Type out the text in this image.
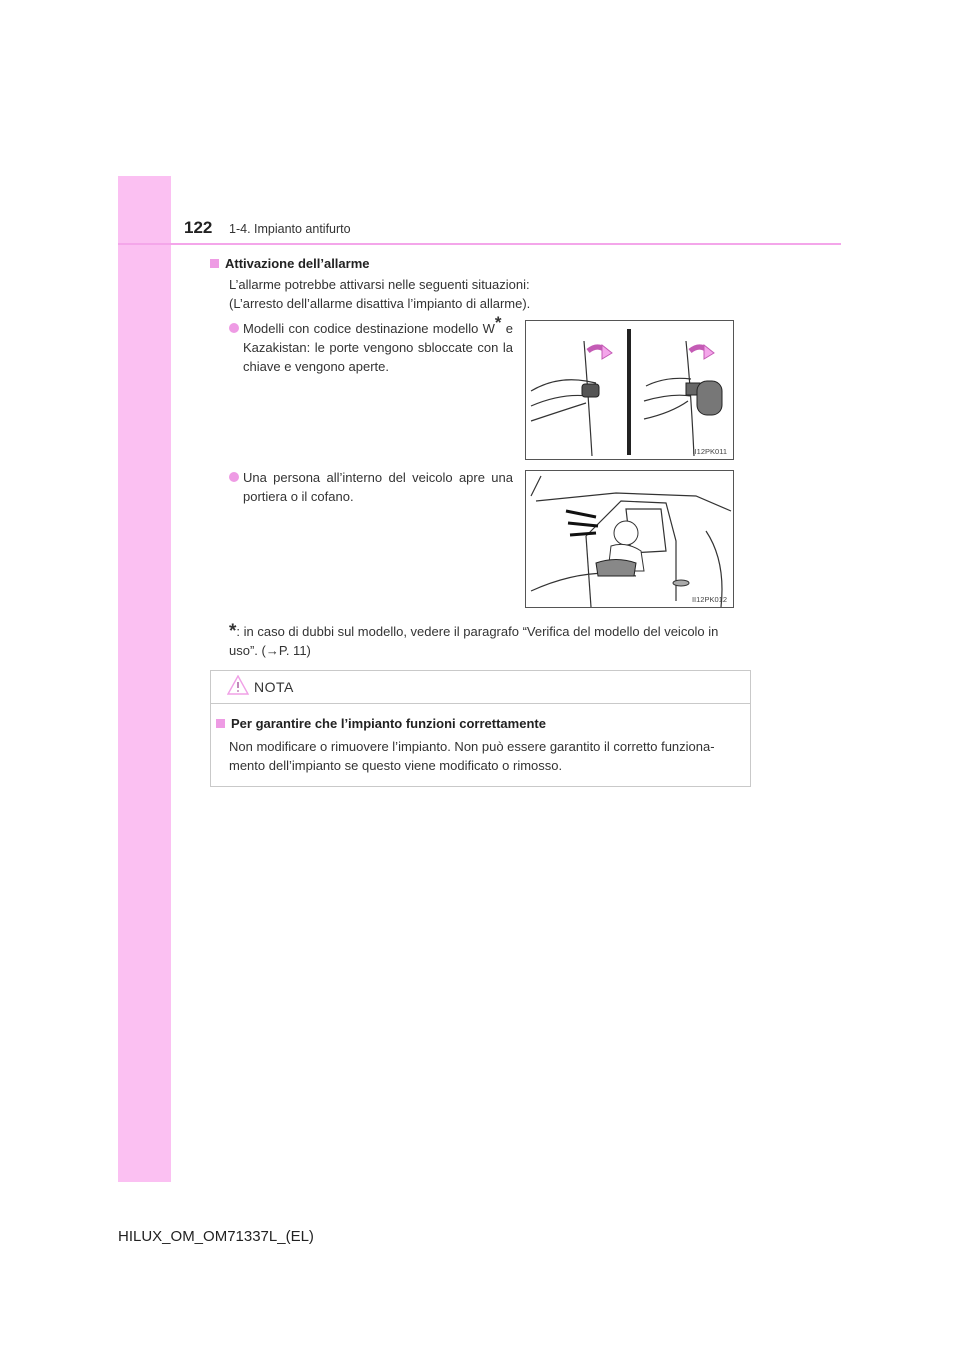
122 1-4. Impianto antifurto
Attivazione dell’allarme
L’allarme potrebbe attivarsi nelle seguenti situazioni:
(L’arresto dell’allarme disattiva l’impianto di allarme).
Modelli con codice destinazione modello W* e Kazakistan: le porte vengono sbloccate con la chiave e vengono aperte.
II12PK011
Una persona all’interno del veicolo apre una portiera o il cofano.
II12PK012
*: in caso di dubbi sul modello, vedere il paragrafo “Verifica del modello del veicolo in uso”. (→P. 11)
NOTA
Per garantire che l’impianto funzioni correttamente
Non modificare o rimuovere l’impianto. Non può essere garantito il corretto funziona-mento dell’impianto se questo viene modificato o rimosso.
HILUX_OM_OM71337L_(EL)
